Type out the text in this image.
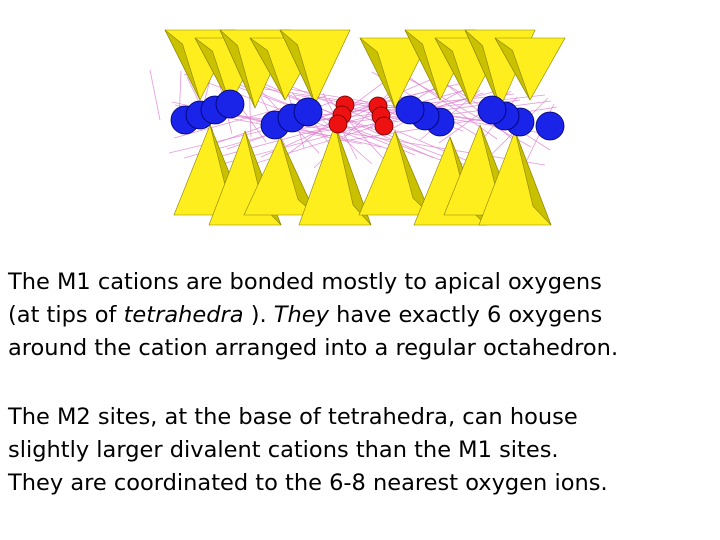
The M1 cations are bonded mostly to apical oxygens
(at tips of tetrahedra ). They have exactly 6 oxygens
around the cation arranged into a regular octahedron.

The M2 sites, at the base of tetrahedra, can house
slightly larger divalent cations than the M1 sites.
They are coordinated to the 6-8 nearest oxygen ions.
